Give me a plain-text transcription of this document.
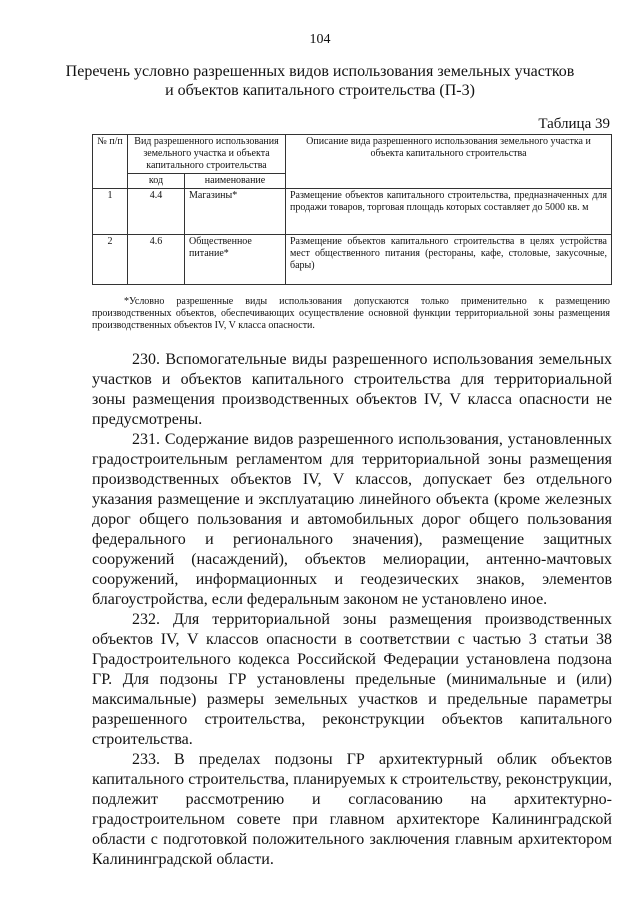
104
Перечень условно разрешенных видов использования земельных участков
и объектов капитального строительства (П-3)
Таблица 39
№ п/п	Вид разрешенного использования земельного участка и объекта капитального строительства		Описание вида разрешенного использования земельного участка и объекта капитального строительства
	код	наименование	
1	4.4	Магазины*	Размещение объектов капитального строительства, предназначенных для продажи товаров, торговая площадь которых составляет до 5000 кв. м
2	4.6	Общественное питание*	Размещение объектов капитального строительства в целях устройства мест общественного питания (рестораны, кафе, столовые, закусочные, бары)
*Условно разрешенные виды использования допускаются только применительно к размещению производственных объектов, обеспечивающих осуществление основной функции территориальной зоны размещения производственных объектов IV, V класса опасности.

230. Вспомогательные виды разрешенного использования земельных участков и объектов капитального строительства для территориальной зоны размещения производственных объектов IV, V класса опасности не предусмотрены.

231. Содержание видов разрешенного использования, установленных градостроительным регламентом для территориальной зоны размещения производственных объектов IV, V классов, допускает без отдельного указания размещение и эксплуатацию линейного объекта (кроме железных дорог общего пользования и автомобильных дорог общего пользования федерального и регионального значения), размещение защитных сооружений (насаждений), объектов мелиорации, антенно-мачтовых сооружений, информационных и геодезических знаков, элементов благоустройства, если федеральным законом не установлено иное.

232. Для территориальной зоны размещения производственных объектов IV, V классов опасности в соответствии с частью 3 статьи 38 Градостроительного кодекса Российской Федерации установлена подзона ГР. Для подзоны ГР установлены предельные (минимальные и (или) максимальные) размеры земельных участков и предельные параметры разрешенного строительства, реконструкции объектов капитального строительства.

233. В пределах подзоны ГР архитектурный облик объектов капитального строительства, планируемых к строительству, реконструкции, подлежит рассмотрению и согласованию на архитектурно-градостроительном совете при главном архитекторе Калининградской области с подготовкой положительного заключения главным архитектором Калининградской области.
